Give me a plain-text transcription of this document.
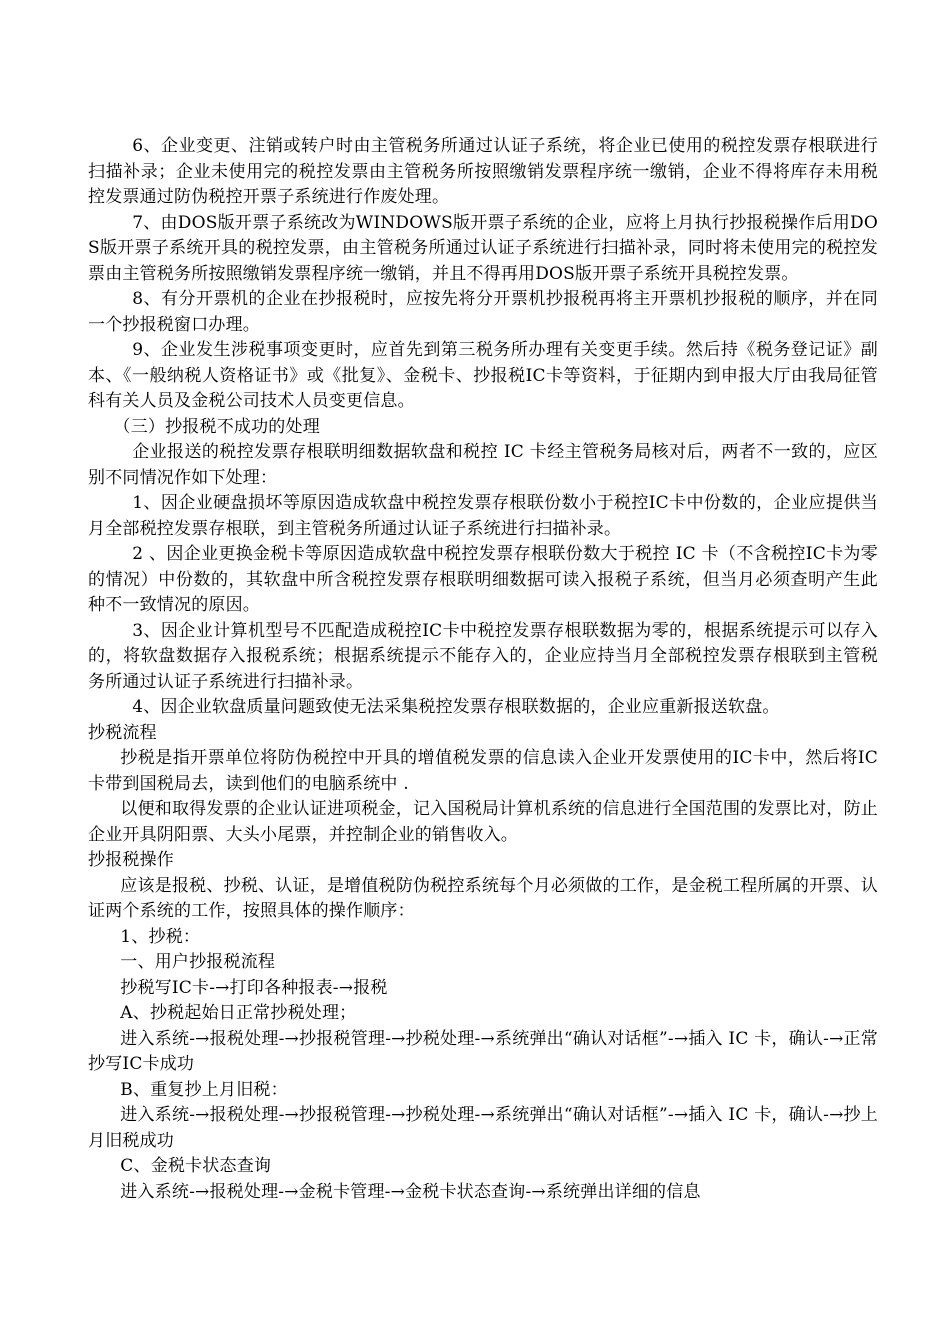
6、企业变更、注销或转户时由主管税务所通过认证子系统，将企业已使用的税控发票存根联进行扫描补录；企业未使用完的税控发票由主管税务所按照缴销发票程序统一缴销，企业不得将库存未用税控发票通过防伪税控开票子系统进行作废处理。

7、由DOS版开票子系统改为WINDOWS版开票子系统的企业，应将上月执行抄报税操作后用DOS版开票子系统开具的税控发票，由主管税务所通过认证子系统进行扫描补录，同时将未使用完的税控发票由主管税务所按照缴销发票程序统一缴销，并且不得再用DOS版开票子系统开具税控发票。

8、有分开票机的企业在抄报税时，应按先将分开票机抄报税再将主开票机抄报税的顺序，并在同一个抄报税窗口办理。

9、企业发生涉税事项变更时，应首先到第三税务所办理有关变更手续。然后持《税务登记证》副本、《一般纳税人资格证书》或《批复》、金税卡、抄报税IC卡等资料，于征期内到申报大厅由我局征管科有关人员及金税公司技术人员变更信息。

（三）抄报税不成功的处理

企业报送的税控发票存根联明细数据软盘和税控 IC 卡经主管税务局核对后，两者不一致的，应区别不同情况作如下处理：

1、因企业硬盘损坏等原因造成软盘中税控发票存根联份数小于税控IC卡中份数的，企业应提供当月全部税控发票存根联，到主管税务所通过认证子系统进行扫描补录。

2 、因企业更换金税卡等原因造成软盘中税控发票存根联份数大于税控 IC 卡（不含税控IC卡为零的情况）中份数的，其软盘中所含税控发票存根联明细数据可读入报税子系统，但当月必须查明产生此种不一致情况的原因。

3、因企业计算机型号不匹配造成税控IC卡中税控发票存根联数据为零的，根据系统提示可以存入的，将软盘数据存入报税系统；根据系统提示不能存入的，企业应持当月全部税控发票存根联到主管税务所通过认证子系统进行扫描补录。

4、因企业软盘质量问题致使无法采集税控发票存根联数据的，企业应重新报送软盘。

抄税流程

抄税是指开票单位将防伪税控中开具的增值税发票的信息读入企业开发票使用的IC卡中，然后将IC卡带到国税局去，读到他们的电脑系统中 .

以便和取得发票的企业认证进项税金，记入国税局计算机系统的信息进行全国范围的发票比对，防止企业开具阴阳票、大头小尾票，并控制企业的销售收入。

抄报税操作

应该是报税、抄税、认证，是增值税防伪税控系统每个月必须做的工作，是金税工程所属的开票、认证两个系统的工作，按照具体的操作顺序：

1、抄税：

一、用户抄报税流程

抄税写IC卡-→打印各种报表-→报税

A、抄税起始日正常抄税处理；

进入系统-→报税处理-→抄报税管理-→抄税处理-→系统弹出“确认对话框”-→插入 IC 卡，确认-→正常抄写IC卡成功

B、重复抄上月旧税：

进入系统-→报税处理-→抄报税管理-→抄税处理-→系统弹出“确认对话框”-→插入 IC 卡，确认-→抄上月旧税成功

C、金税卡状态查询

进入系统-→报税处理-→金税卡管理-→金税卡状态查询-→系统弹出详细的信息
